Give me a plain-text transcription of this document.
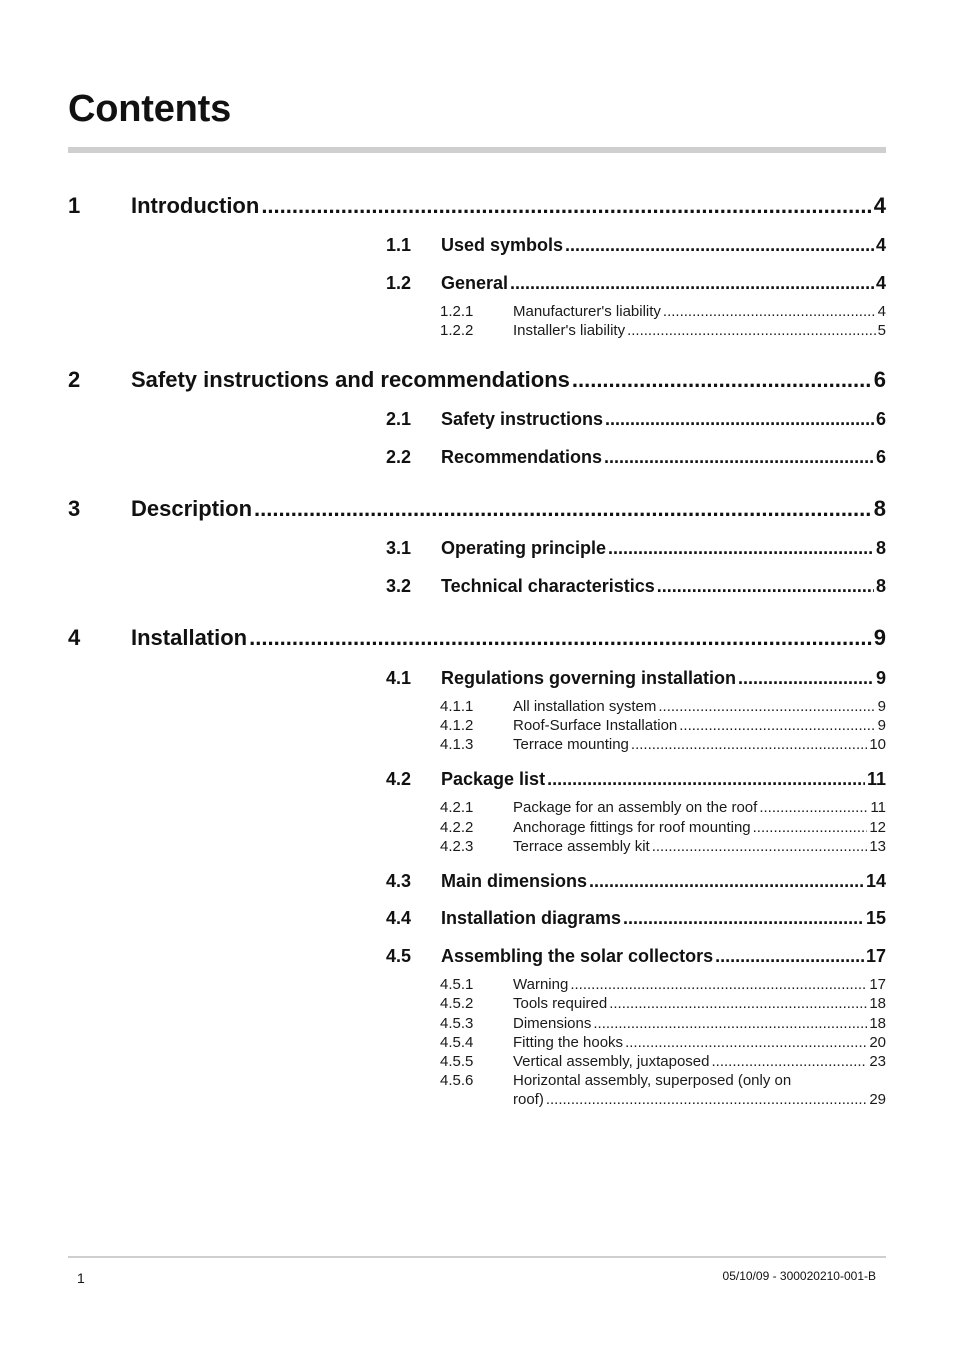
Contents
1	Introduction .....	4
1.1	Used symbols .....	4
1.2	General .....	4
1.2.1	Manufacturer's liability .....	4
1.2.2	Installer's liability .....	5
2	Safety instructions and recommendations .....	6
2.1	Safety instructions .....	6
2.2	Recommendations .....	6
3	Description .....	8
3.1	Operating principle .....	8
3.2	Technical characteristics .....	8
4	Installation .....	9
4.1	Regulations governing installation .....	9
4.1.1	All installation system .....	9
4.1.2	Roof-Surface Installation .....	9
4.1.3	Terrace mounting .....	10
4.2	Package list .....	11
4.2.1	Package for an assembly on the roof .....	11
4.2.2	Anchorage fittings for roof mounting .....	12
4.2.3	Terrace assembly kit .....	13
4.3	Main dimensions .....	14
4.4	Installation diagrams .....	15
4.5	Assembling the solar collectors .....	17
4.5.1	Warning .....	17
4.5.2	Tools required .....	18
4.5.3	Dimensions .....	18
4.5.4	Fitting the hooks .....	20
4.5.5	Vertical assembly, juxtaposed .....	23
4.5.6	Horizontal assembly, superposed (only on
roof) .....	29
1	05/10/09 - 300020210-001-B
